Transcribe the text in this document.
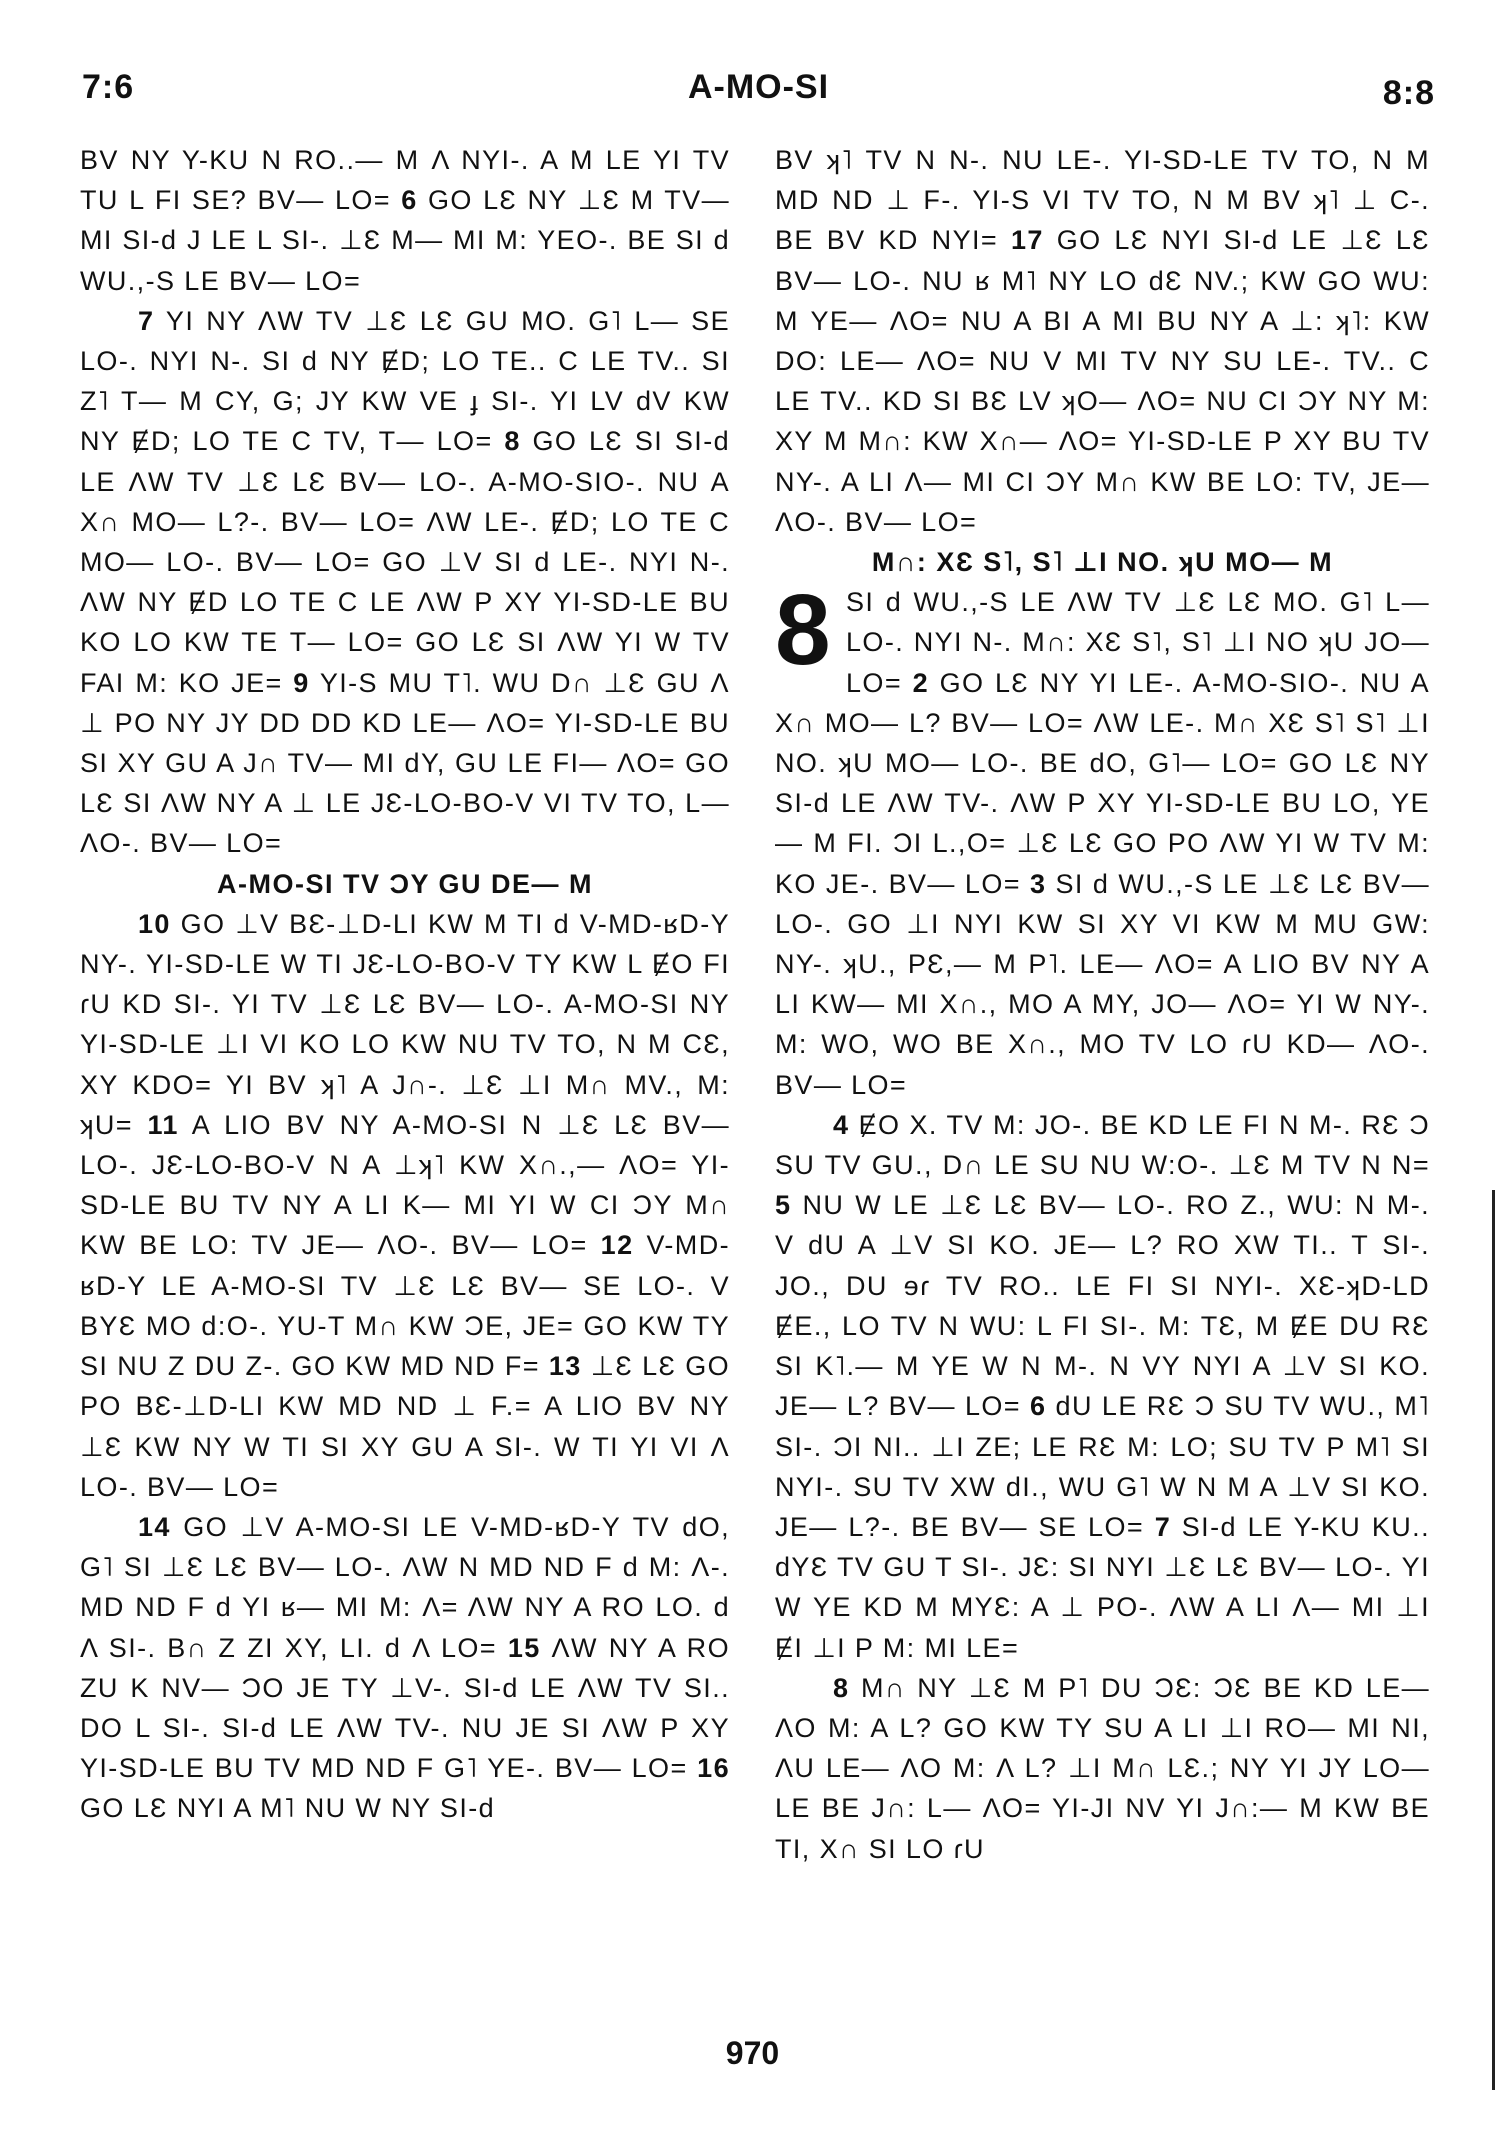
A-MO-SI
7:6	8:8

BV NY Y-KU N RO..— M Λ NYI-. A M LE YI TV TU L FI SE? BV— LO= 6 GO LƐ NY ⊥Ɛ M TV— MI SI-d J LE L SI-. ⊥Ɛ M— MI M: YEO-. BE SI d WU.,-S LE BV— LO=

7 YI NY ΛW TV ⊥Ɛ LƐ GU MO. G˥ L— SE LO-. NYI N-. SI d NY ɆD; LO TE.. C LE TV.. SI Z˥ T— M CY, G; JY KW VE ɟ SI-. YI LV dV KW NY ɆD; LO TE C TV, T— LO= 8 GO LƐ SI SI-d LE ΛW TV ⊥Ɛ LƐ BV— LO-. A-MO-SIO-. NU A X∩ MO— L?-. BV— LO= ΛW LE-. ɆD; LO TE C MO— LO-. BV— LO= GO ⊥V SI d LE-. NYI N-. ΛW NY ɆD LO TE C LE ΛW P XY YI-SD-LE BU KO LO KW TE T— LO= GO LƐ SI ΛW YI W TV FAI M: KO JE= 9 YI-S MU T˥. WU D∩ ⊥Ɛ GU Λ ⊥ PO NY JY DD DD KD LE— ΛO= YI-SD-LE BU SI XY GU A J∩ TV— MI dY, GU LE FI— ΛO= GO LƐ SI ΛW NY A ⊥ LE JƐ-LO-BO-V VI TV TO, L— ΛO-. BV— LO=

A-MO-SI TV ƆY GU DE— M

10 GO ⊥V BƐ-⊥D-LI KW M TI d V-MD-ʁD-Y NY-. YI-SD-LE W TI JƐ-LO-BO-V TY KW L ɆO FI ɾU KD SI-. YI TV ⊥Ɛ LƐ BV— LO-. A-MO-SI NY YI-SD-LE ⊥I VI KO LO KW NU TV TO, N M CƐ, XY KDO= YI BV ʞ˥ A J∩-. ⊥Ɛ ⊥I M∩ MV., M: ʞU= 11 A LIO BV NY A-MO-SI N ⊥Ɛ LƐ BV— LO-. JƐ-LO-BO-V N A ⊥ʞ˥ KW X∩.,— ΛO= YI-SD-LE BU TV NY A LI K— MI YI W CI ƆY M∩ KW BE LO: TV JE— ΛO-. BV— LO= 12 V-MD-ʁD-Y LE A-MO-SI TV ⊥Ɛ LƐ BV— SE LO-. V BYƐ MO d:O-. YU-T M∩ KW ƆE, JE= GO KW TY SI NU Z DU Z-. GO KW MD ND F= 13 ⊥Ɛ LƐ GO PO BƐ-⊥D-LI KW MD ND ⊥ F.= A LIO BV NY ⊥Ɛ KW NY W TI SI XY GU A SI-. W TI YI VI Λ LO-. BV— LO=

14 GO ⊥V A-MO-SI LE V-MD-ʁD-Y TV dO, G˥ SI ⊥Ɛ LƐ BV— LO-. ΛW N MD ND F d M: Λ-. MD ND F d YI ʁ— MI M: Λ= ΛW NY A RO LO. d Λ SI-. B∩ Z ZI XY, LI. d Λ LO= 15 ΛW NY A RO ZU K NV— ƆO JE TY ⊥V-. SI-d LE ΛW TV SI.. DO L SI-. SI-d LE ΛW TV-. NU JE SI ΛW P XY YI-SD-LE BU TV MD ND F G˥ YE-. BV— LO= 16 GO LƐ NYI A M˥ NU W NY SI-d

BV ʞ˥ TV N N-. NU LE-. YI-SD-LE TV TO, N M MD ND ⊥ F-. YI-S VI TV TO, N M BV ʞ˥ ⊥ C-. BE BV KD NYI= 17 GO LƐ NYI SI-d LE ⊥Ɛ LƐ BV— LO-. NU ʁ M˥ NY LO dƐ NV.; KW GO WU: M YE— ΛO= NU A BI A MI BU NY A ⊥: ʞ˥: KW DO: LE— ΛO= NU V MI TV NY SU LE-. TV.. C LE TV.. KD SI BƐ LV ʞO— ΛO= NU CI ƆY NY M: XY M M∩: KW X∩— ΛO= YI-SD-LE P XY BU TV NY-. A LI Λ— MI CI ƆY M∩ KW BE LO: TV, JE— ΛO-. BV— LO=

M∩: XƐ S˥, S˥ ⊥I NO. ʞU MO— M

8 SI d WU.,-S LE ΛW TV ⊥Ɛ LƐ MO. G˥ L— LO-. NYI N-. M∩: XƐ S˥, S˥ ⊥I NO ʞU JO— LO= 2 GO LƐ NY YI LE-. A-MO-SIO-. NU A X∩ MO— L? BV— LO= ΛW LE-. M∩ XƐ S˥ S˥ ⊥I NO. ʞU MO— LO-. BE dO, G˥— LO= GO LƐ NY SI-d LE ΛW TV-. ΛW P XY YI-SD-LE BU LO, YE— M FI. ƆI L.,O= ⊥Ɛ LƐ GO PO ΛW YI W TV M: KO JE-. BV— LO= 3 SI d WU.,-S LE ⊥Ɛ LƐ BV— LO-. GO ⊥I NYI KW SI XY VI KW M MU GW: NY-. ʞU., PƐ,— M P˥. LE— ΛO= A LIO BV NY A LI KW— MI X∩., MO A MY, JO— ΛO= YI W NY-. M: WO, WO BE X∩., MO TV LO ɾU KD— ΛO-. BV— LO=

4 ɆO X. TV M: JO-. BE KD LE FI N M-. RƐ Ɔ SU TV GU., D∩ LE SU NU W:O-. ⊥Ɛ M TV N N= 5 NU W LE ⊥Ɛ LƐ BV— LO-. RO Z., WU: N M-. V dU A ⊥V SI KO. JE— L? RO XW TI.. T SI-. JO., DU ɘɾ TV RO.. LE FI SI NYI-. XƐ-ʞD-LD ɆE., LO TV N WU: L FI SI-. M: TƐ, M ɆE DU RƐ SI K˥.— M YE W N M-. N VY NYI A ⊥V SI KO. JE— L? BV— LO= 6 dU LE RƐ Ɔ SU TV WU., M˥ SI-. ƆI NI.. ⊥I ZE; LE RƐ M: LO; SU TV P M˥ SI NYI-. SU TV XW dI., WU G˥ W N M A ⊥V SI KO. JE— L?-. BE BV— SE LO= 7 SI-d LE Y-KU KU.. dYƐ TV GU T SI-. JƐ: SI NYI ⊥Ɛ LƐ BV— LO-. YI W YE KD M MYƐ: A ⊥ PO-. ΛW A LI Λ— MI ⊥I ɆI ⊥I P M: MI LE=

8 M∩ NY ⊥Ɛ M P˥ DU ƆƐ: ƆƐ BE KD LE— ΛO M: A L? GO KW TY SU A LI ⊥I RO— MI NI, ΛU LE— ΛO M: Λ L? ⊥I M∩ LƐ.; NY YI JY LO— LE BE J∩: L— ΛO= YI-JI NV YI J∩:— M KW BE TI, X∩ SI LO ɾU

970
